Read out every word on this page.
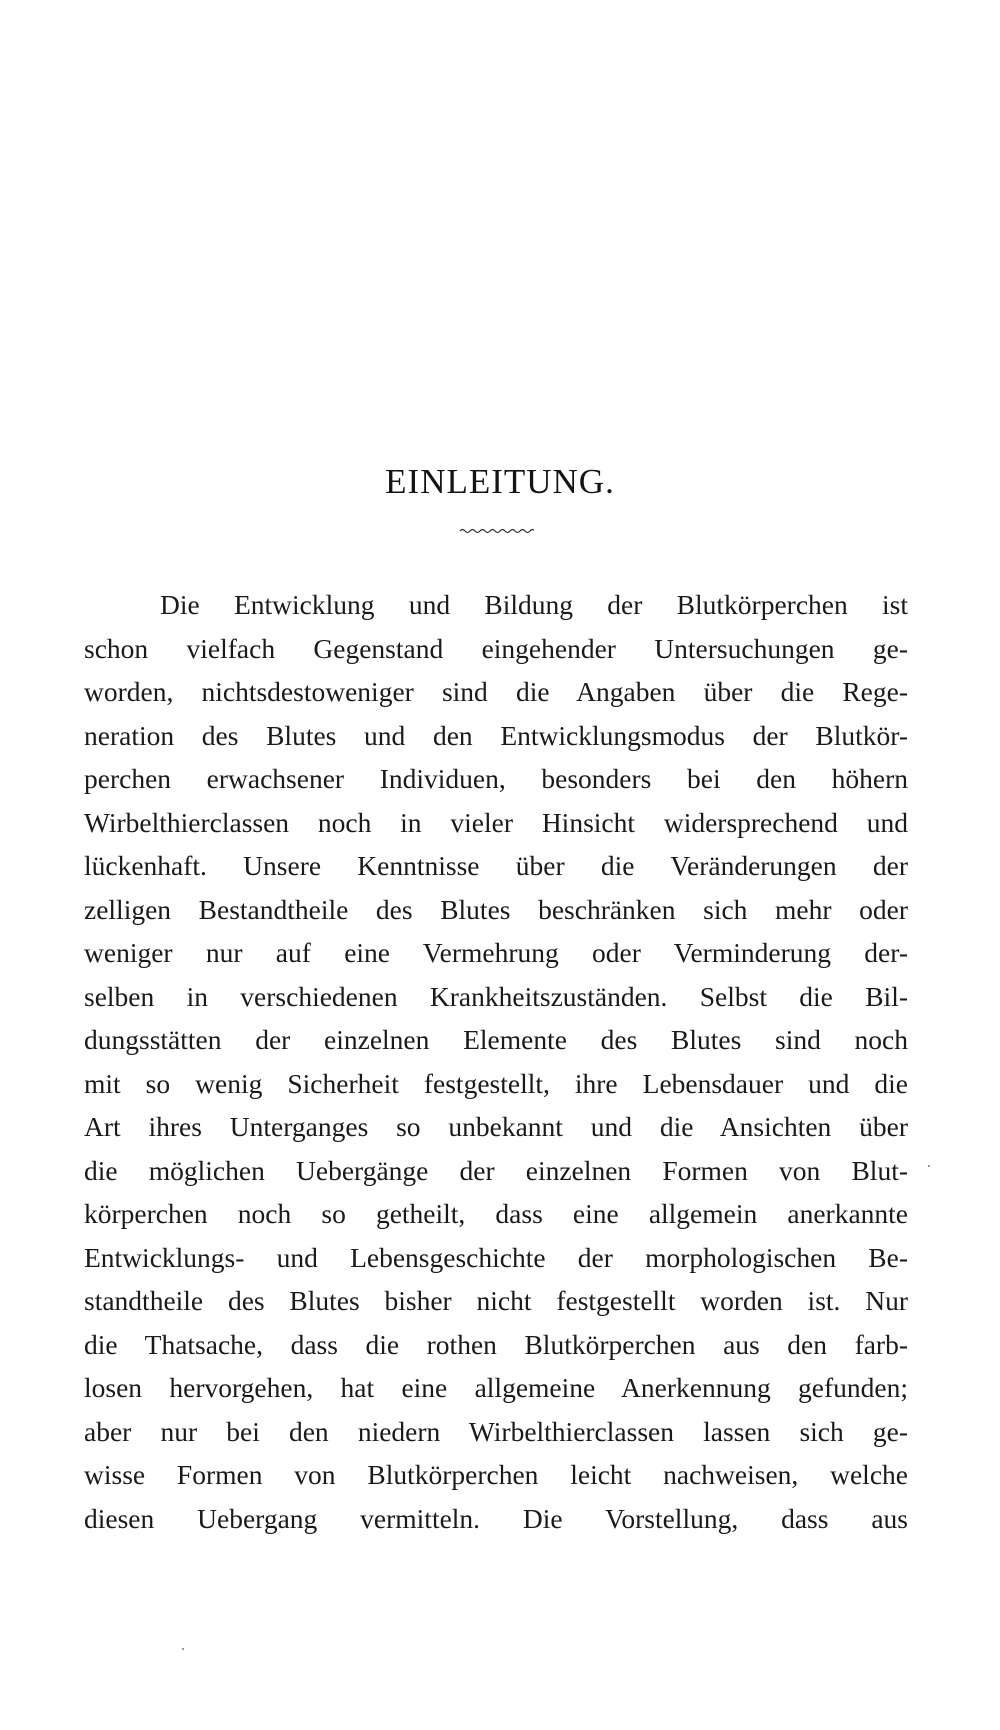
EINLEITUNG.
Die Entwicklung und Bildung der Blutkörperchen ist
schon vielfach Gegenstand eingehender Untersuchungen ge-
worden, nichtsdestoweniger sind die Angaben über die Rege-
neration des Blutes und den Entwicklungsmodus der Blutkör-
perchen erwachsener Individuen, besonders bei den höhern
Wirbelthierclassen noch in vieler Hinsicht widersprechend und
lückenhaft. Unsere Kenntnisse über die Veränderungen der
zelligen Bestandtheile des Blutes beschränken sich mehr oder
weniger nur auf eine Vermehrung oder Verminderung der-
selben in verschiedenen Krankheitszuständen. Selbst die Bil-
dungsstätten der einzelnen Elemente des Blutes sind noch
mit so wenig Sicherheit festgestellt, ihre Lebensdauer und die
Art ihres Unterganges so unbekannt und die Ansichten über
die möglichen Uebergänge der einzelnen Formen von Blut-
körperchen noch so getheilt, dass eine allgemein anerkannte
Entwicklungs- und Lebensgeschichte der morphologischen Be-
standtheile des Blutes bisher nicht festgestellt worden ist. Nur
die Thatsache, dass die rothen Blutkörperchen aus den farb-
losen hervorgehen, hat eine allgemeine Anerkennung gefunden;
aber nur bei den niedern Wirbelthierclassen lassen sich ge-
wisse Formen von Blutkörperchen leicht nachweisen, welche
diesen Uebergang vermitteln. Die Vorstellung, dass aus
